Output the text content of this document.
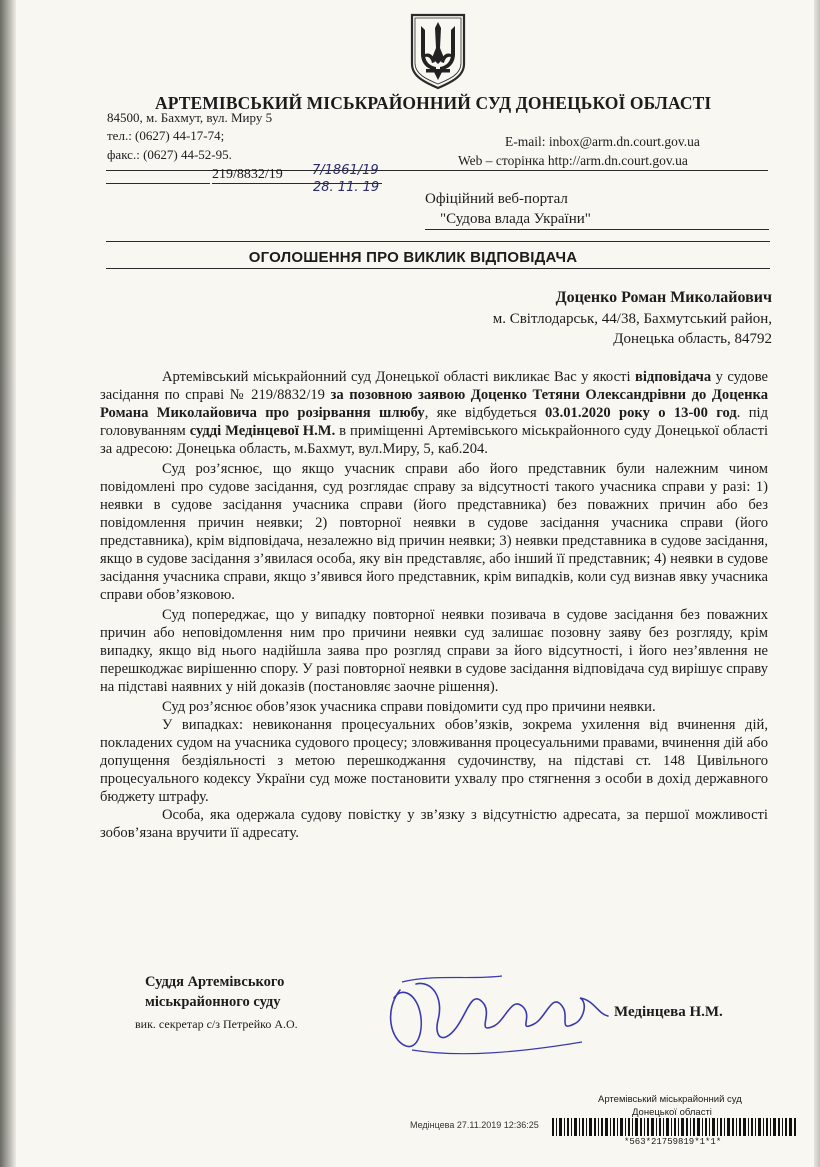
АРТЕМІВСЬКИЙ МІСЬКРАЙОННИЙ СУД ДОНЕЦЬКОЇ ОБЛАСТІ
84500, м. Бахмут, вул. Миру 5
тел.: (0627) 44-17-74;
факс.: (0627) 44-52-95.
E-mail: inbox@arm.dn.court.gov.ua
Web – сторінка http://arm.dn.court.gov.ua
219/8832/19 7/1861/19
28. 11. 19
Офіційний веб-портал
"Судова влада України"
ОГОЛОШЕННЯ ПРО ВИКЛИК ВІДПОВІДАЧА
Доценко Роман Миколайович
м. Світлодарськ, 44/38, Бахмутський район,
Донецька область, 84792

Артемівський міськрайонний суд Донецької області викликає Вас у якості відповідача у судове засідання по справі № 219/8832/19 за позовною заявою Доценко Тетяни Олександрівни до Доценка Романа Миколайовича про розірвання шлюбу, яке відбудеться 03.01.2020 року о 13-00 год. під головуванням судді Медінцевої Н.М. в приміщенні Артемівського міськрайонного суду Донецької області за адресою: Донецька область, м.Бахмут, вул.Миру, 5, каб.204.

Суд роз’яснює, що якщо учасник справи або його представник були належним чином повідомлені про судове засідання, суд розглядає справу за відсутності такого учасника справи у разі: 1) неявки в судове засідання учасника справи (його представника) без поважних причин або без повідомлення причин неявки; 2) повторної неявки в судове засідання учасника справи (його представника), крім відповідача, незалежно від причин неявки; 3) неявки представника в судове засідання, якщо в судове засідання з’явилася особа, яку він представляє, або інший її представник; 4) неявки в судове засідання учасника справи, якщо з’явився його представник, крім випадків, коли суд визнав явку учасника справи обов’язковою.

Суд попереджає, що у випадку повторної неявки позивача в судове засідання без поважних причин або неповідомлення ним про причини неявки суд залишає позовну заяву без розгляду, крім випадку, якщо від нього надійшла заява про розгляд справи за його відсутності, і його нез’явлення не перешкоджає вирішенню спору. У разі повторної неявки в судове засідання відповідача суд вирішує справу на підставі наявних у ній доказів (постановляє заочне рішення).

Суд роз’яснює обов’язок учасника справи повідомити суд про причини неявки.

У випадках: невиконання процесуальних обов’язків, зокрема ухилення від вчинення дій, покладених судом на учасника судового процесу; зловживання процесуальними правами, вчинення дій або допущення бездіяльності з метою перешкоджання судочинству, на підставі ст. 148 Цивільного процесуального кодексу України суд може постановити ухвалу про стягнення з особи в дохід державного бюджету штрафу.

Особа, яка одержала судову повістку у зв’язку з відсутністю адресата, за першої можливості зобов’язана вручити її адресату.

Суддя Артемівського
міськрайонного суду
вик. секретар с/з Петрейко А.О.
Медінцева Н.М.
Артемівський міськрайонний суд
Донецької області
Медінцева 27.11.2019 12:36:25
*563*21759819*1*1*
